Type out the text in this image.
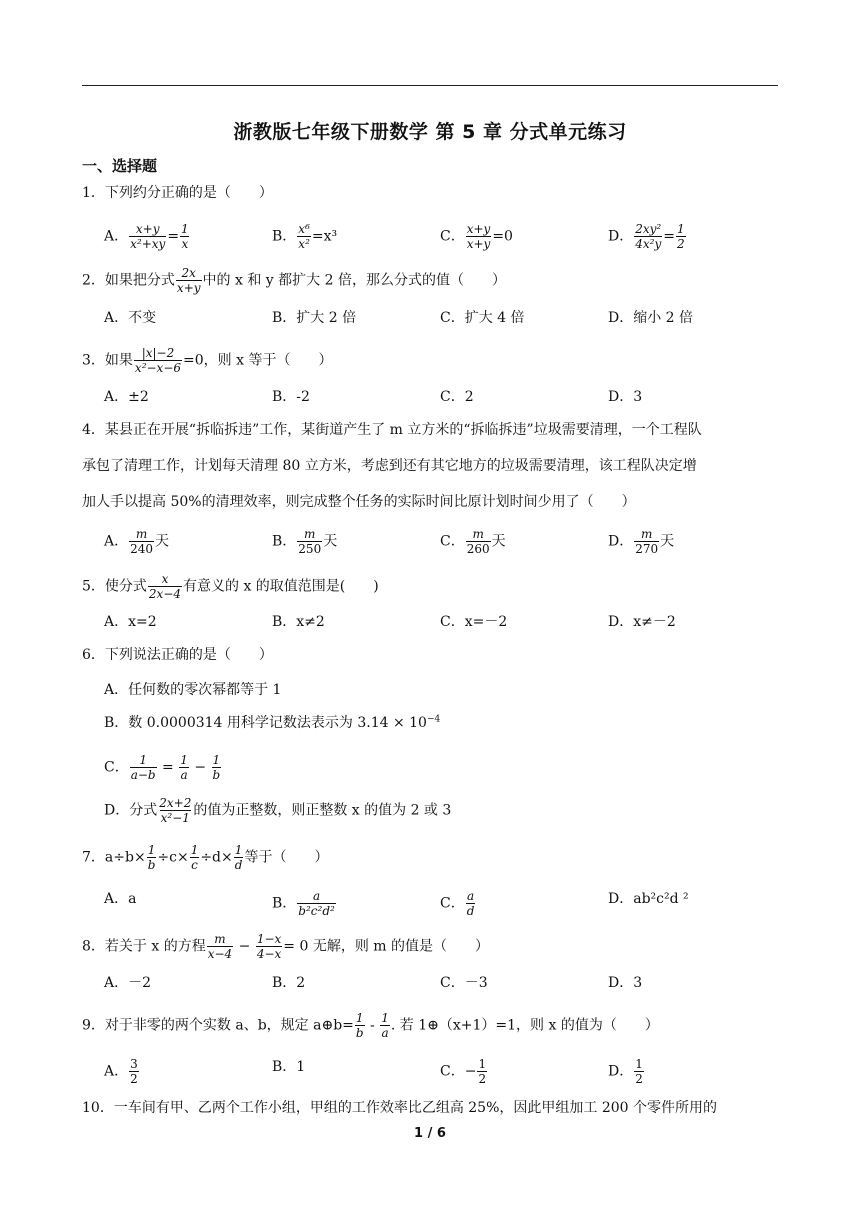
浙教版七年级下册数学 第 5 章 分式单元练习
一、选择题
1．下列约分正确的是（　　）
A． $\frac{x+y}{\text{x²+xy}} = \frac{1}{x}$	B． $\frac{\text{x⁶}}{\text{x²}} =x^3$	C． $\frac{x+y}{x+y} =0$	D． $\frac{\text{2xy²}}{\text{4x²y}} = \frac{1}{2}$
2．如果把分式 $\frac{2x}{x+y}$ 中的 x 和 y 都扩大 2 倍，那么分式的值（　　）
A．不变	B．扩大 2 倍	C．扩大 4 倍	D．缩小 2 倍
3．如果 $\frac{|x|-2}{\text{x²−x−6}} =0$，则 x 等于（　　）
A．±2	B．-2	C．2	D．3
4．某县正在开展“拆临拆违”工作，某街道产生了 m 立方米的“拆临拆违”垃圾需要清理，一个工程队
承包了清理工作，计划每天清理 80 立方米，考虑到还有其它地方的垃圾需要清理，该工程队决定增
加人手以提高 50%的清理效率，则完成整个任务的实际时间比原计划时间少用了（　　）
A． $\frac{m}{240}$ 天	B． $\frac{m}{250}$ 天	C． $\frac{m}{260}$ 天	D． $\frac{m}{270}$ 天
5．使分式 $\frac{x}{2x-4}$ 有意义的 x 的取值范围是(　　)
A．x=2	B．x≠2	C．x=－2	D．x≠－2
6．下列说法正确的是（　　）
A．任何数的零次幂都等于 1
B．数 0.0000314 用科学记数法表示为 $3.14 \times 10^{-4}$
C． $\frac{1}{a-b} = \frac{1}{a} - \frac{1}{b}$
D．分式 $\frac{2x+2}{\text{x²−1}}$ 的值为正整数，则正整数 x 的值为 2 或 3
7．$a\div b\times \frac{1}{b} \div c\times \frac{1}{c} \div d\times \frac{1}{d}$ 等于（　　）
A．a	B． $\frac{a}{\text{b²c²d²}}$	C． $\frac{a}{d}$	D．ab²c²d ²
8．若关于 x 的方程 $\frac{m}{x-4} - \frac{1-x}{4-x} = 0$ 无解，则 m 的值是（　　）
A．－2	B．2	C．－3	D．3
9．对于非零的两个实数 a、b，规定 a⊕b= $\frac{1}{b} - \frac{1}{a}$ . 若 1⊕（x+1）=1，则 x 的值为（　　）
A． $\frac{3}{2}$	B．1	C．− $\frac{1}{2}$	D． $\frac{1}{2}$
10．一车间有甲、乙两个工作小组，甲组的工作效率比乙组高 25%，因此甲组加工 200 个零件所用的
1 / 6
